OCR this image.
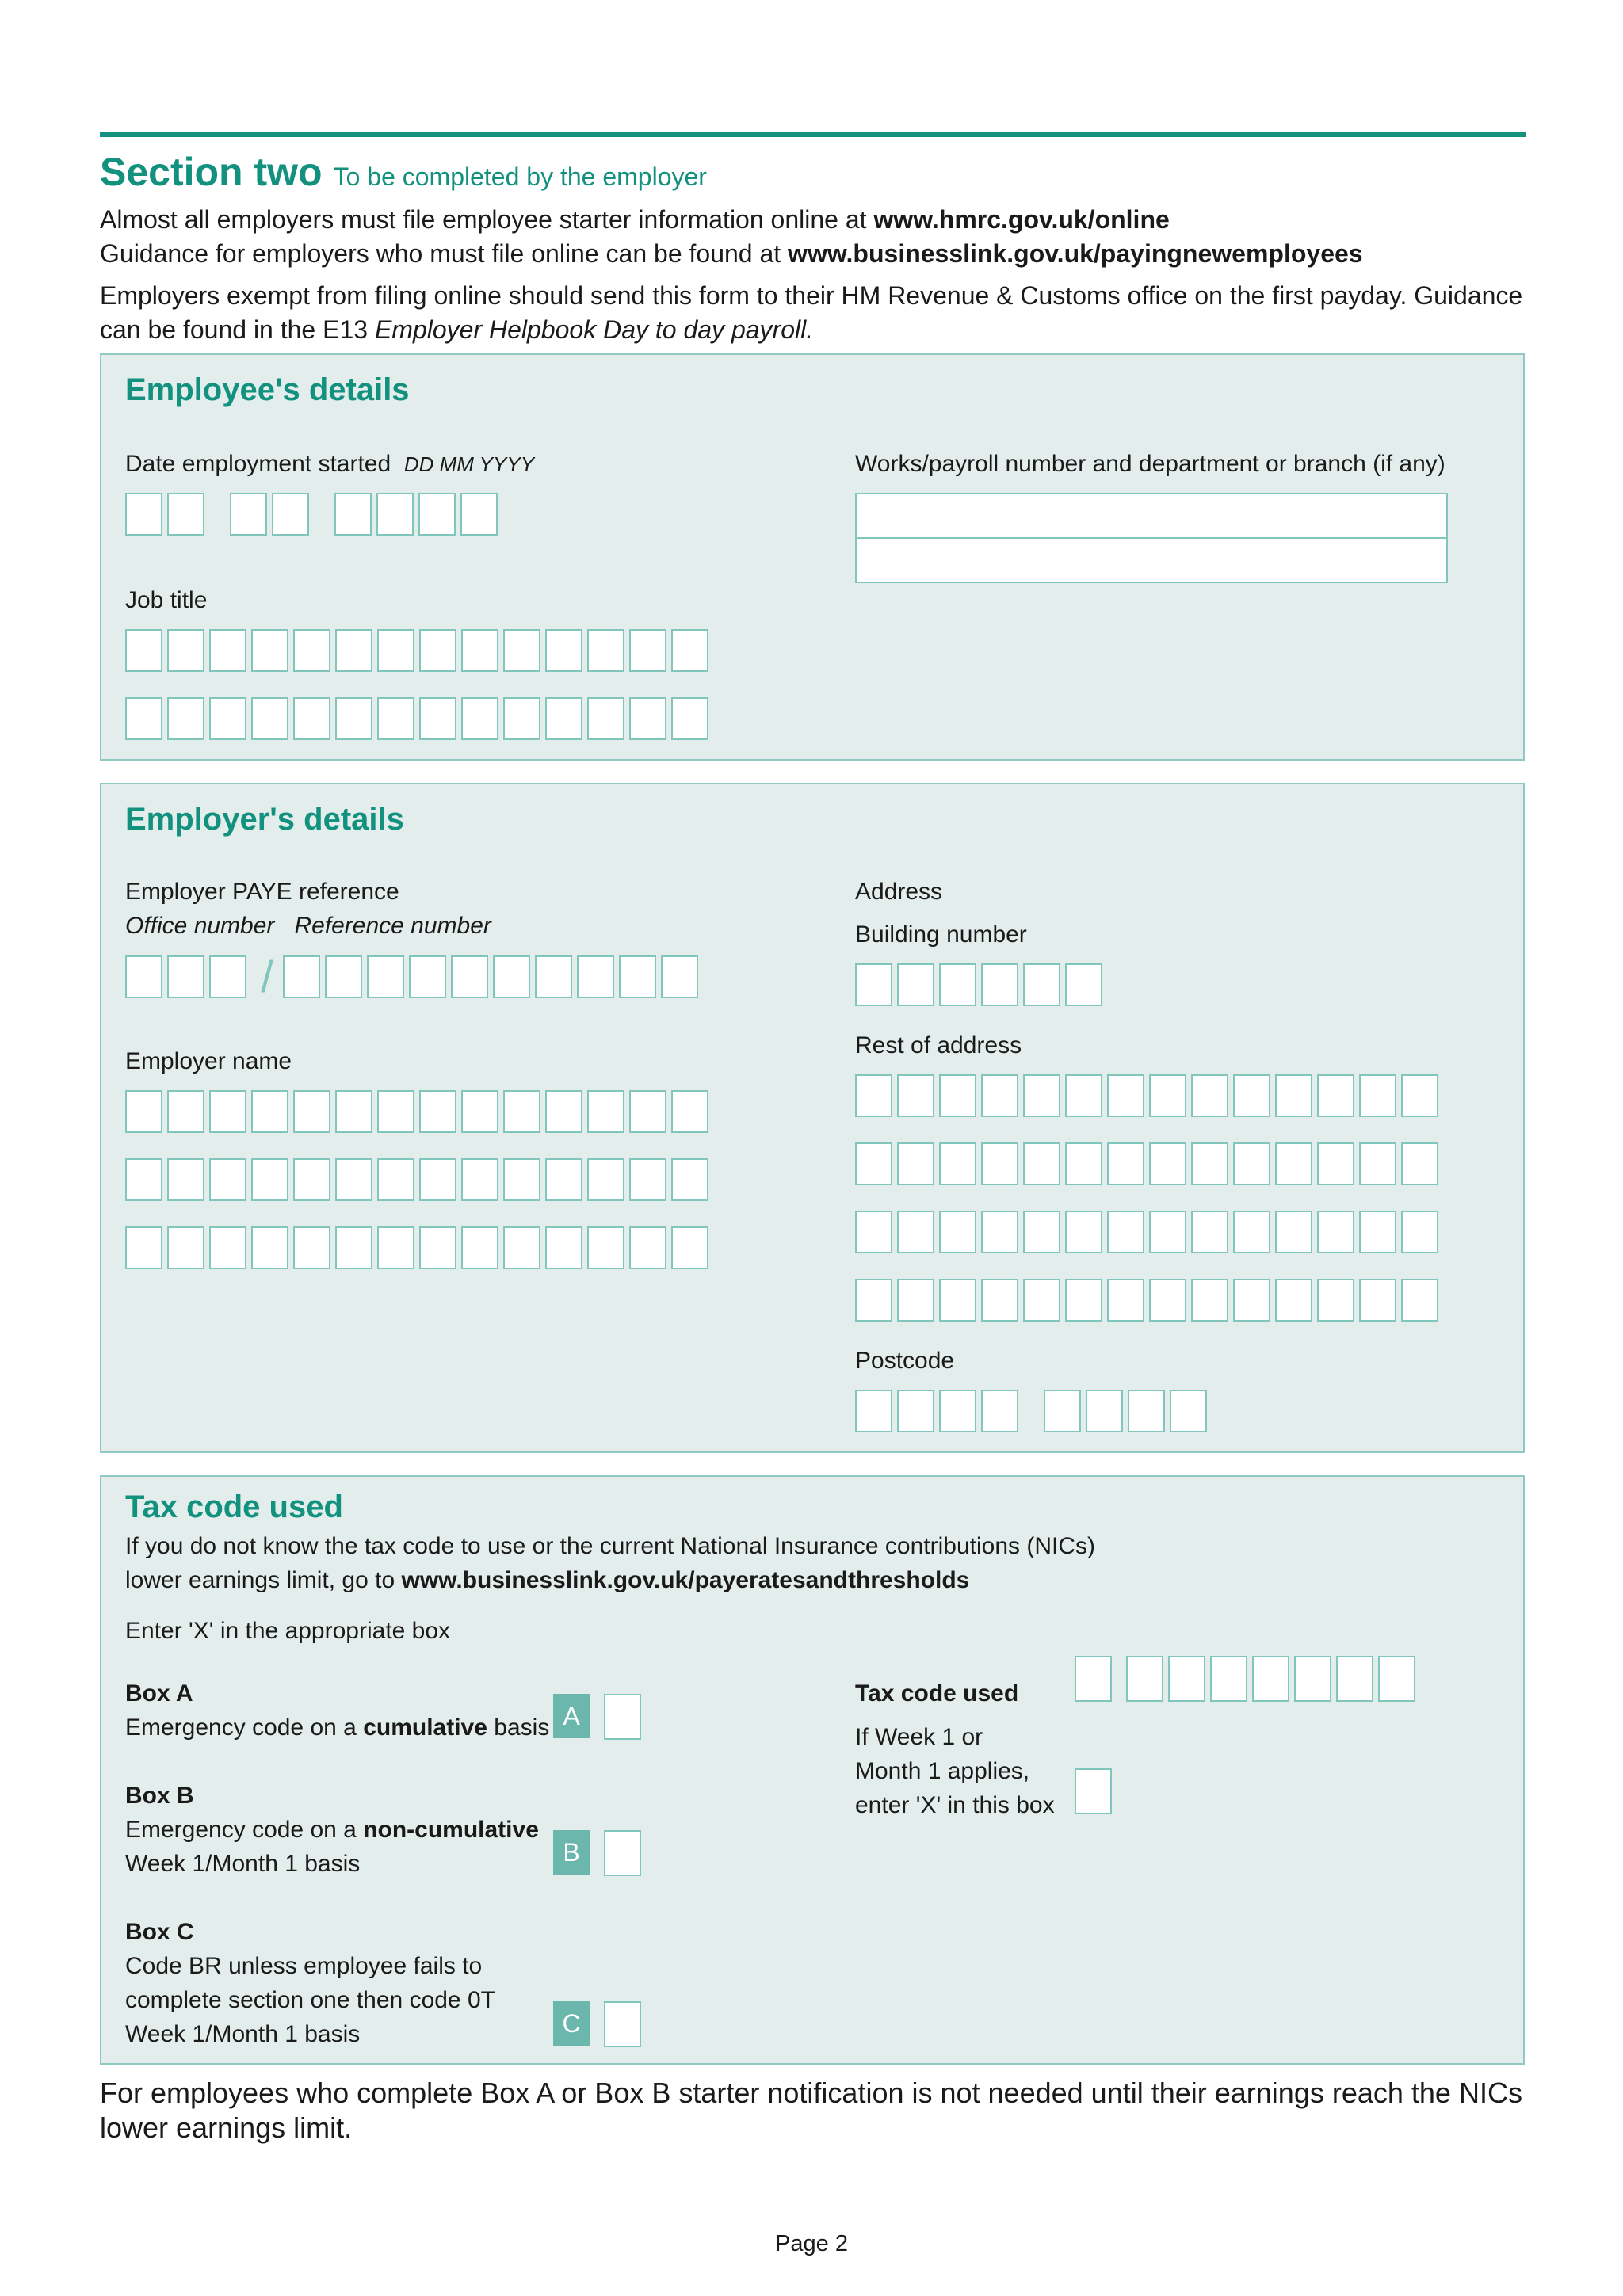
Section two To be completed by the employer
Almost all employers must file employee starter information online at www.hmrc.gov.uk/online
Guidance for employers who must file online can be found at www.businesslink.gov.uk/payingnewemployees
Employers exempt from filing online should send this form to their HM Revenue & Customs office on the first payday. Guidance
can be found in the E13 Employer Helpbook Day to day payroll.
Employee's details
Date employment started DD MM YYYY	Works/payroll number and department or branch (if any)
Job title
Employer's details
Employer PAYE reference
Office number Reference number
/
Employer name
Address
Building number
Rest of address
Postcode
Tax code used
If you do not know the tax code to use or the current National Insurance contributions (NICs)
lower earnings limit, go to www.businesslink.gov.uk/payeratesandthresholds
Enter 'X' in the appropriate box
Box A
Emergency code on a cumulative basis A
Box B
Emergency code on a non-cumulative
Week 1/Month 1 basis	B
Box C
Code BR unless employee fails to
complete section one then code 0T
Week 1/Month 1 basis	C
Tax code used
If Week 1 or
Month 1 applies,
enter 'X' in this box
For employees who complete Box A or Box B starter notification is not needed until their earnings reach the NICs
lower earnings limit.
Page 2
